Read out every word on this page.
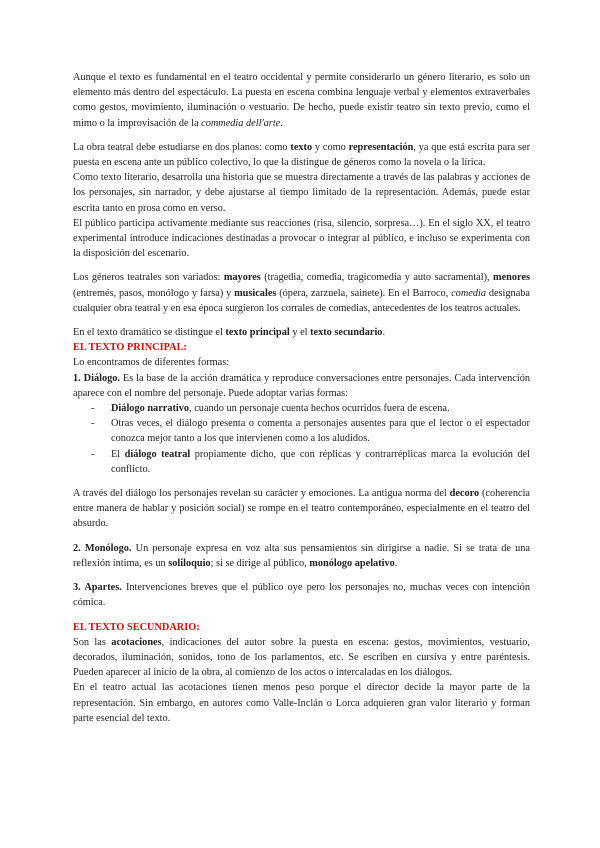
Aunque el texto es fundamental en el teatro occidental y permite considerarlo un género literario, es solo un elemento más dentro del espectáculo. La puesta en escena combina lenguaje verbal y elementos extraverbales como gestos, movimiento, iluminación o vestuario. De hecho, puede existir teatro sin texto previo, como el mimo o la improvisación de la commedia dell'arte.

La obra teatral debe estudiarse en dos planos: como texto y como representación, ya que está escrita para ser puesta en escena ante un público colectivo, lo que la distingue de géneros como la novela o la lírica.

Como texto literario, desarrolla una historia que se muestra directamente a través de las palabras y acciones de los personajes, sin narrador, y debe ajustarse al tiempo limitado de la representación. Además, puede estar escrita tanto en prosa como en verso.

El público participa activamente mediante sus reacciones (risa, silencio, sorpresa…). En el siglo XX, el teatro experimental introduce indicaciones destinadas a provocar o integrar al público, e incluso se experimenta con la disposición del escenario.

Los géneros teatrales son variados: mayores (tragedia, comedia, tragicomedia y auto sacramental), menores (entremés, pasos, monólogo y farsa) y musicales (ópera, zarzuela, sainete). En el Barroco, comedia designaba cualquier obra teatral y en esa época surgieron los corrales de comedias, antecedentes de los teatros actuales.

En el texto dramático se distingue el texto principal y el texto secundario.

EL TEXTO PRINCIPAL:

Lo encontramos de diferentes formas:

1. Diálogo. Es la base de la acción dramática y reproduce conversaciones entre personajes. Cada intervención aparece con el nombre del personaje. Puede adoptar varias formas:

- Diálogo narrativo, cuando un personaje cuenta hechos ocurridos fuera de escena.
- Otras veces, el diálogo presenta o comenta a personajes ausentes para que el lector o el espectador conozca mejor tanto a los que intervienen como a los aludidos.
- El diálogo teatral propiamente dicho, que con réplicas y contrarréplicas marca la evolución del conflicto.

A través del diálogo los personajes revelan su carácter y emociones. La antigua norma del decoro (coherencia entre manera de hablar y posición social) se rompe en el teatro contemporáneo, especialmente en el teatro del absurdo.

2. Monólogo. Un personaje expresa en voz alta sus pensamientos sin dirigirse a nadie. Si se trata de una reflexión íntima, es un soliloquio; si se dirige al público, monólogo apelativo.

3. Apartes. Intervenciones breves que el público oye pero los personajes no, muchas veces con intención cómica.

EL TEXTO SECUNDARIO:

Son las acotaciones, indicaciones del autor sobre la puesta en escena: gestos, movimientos, vestuario, decorados, iluminación, sonidos, tono de los parlamentos, etc. Se escriben en cursiva y entre paréntesis. Pueden aparecer al inicio de la obra, al comienzo de los actos o intercaladas en los diálogos.

En el teatro actual las acotaciones tienen menos peso porque el director decide la mayor parte de la representación. Sin embargo, en autores como Valle-Inclán o Lorca adquieren gran valor literario y forman parte esencial del texto.
